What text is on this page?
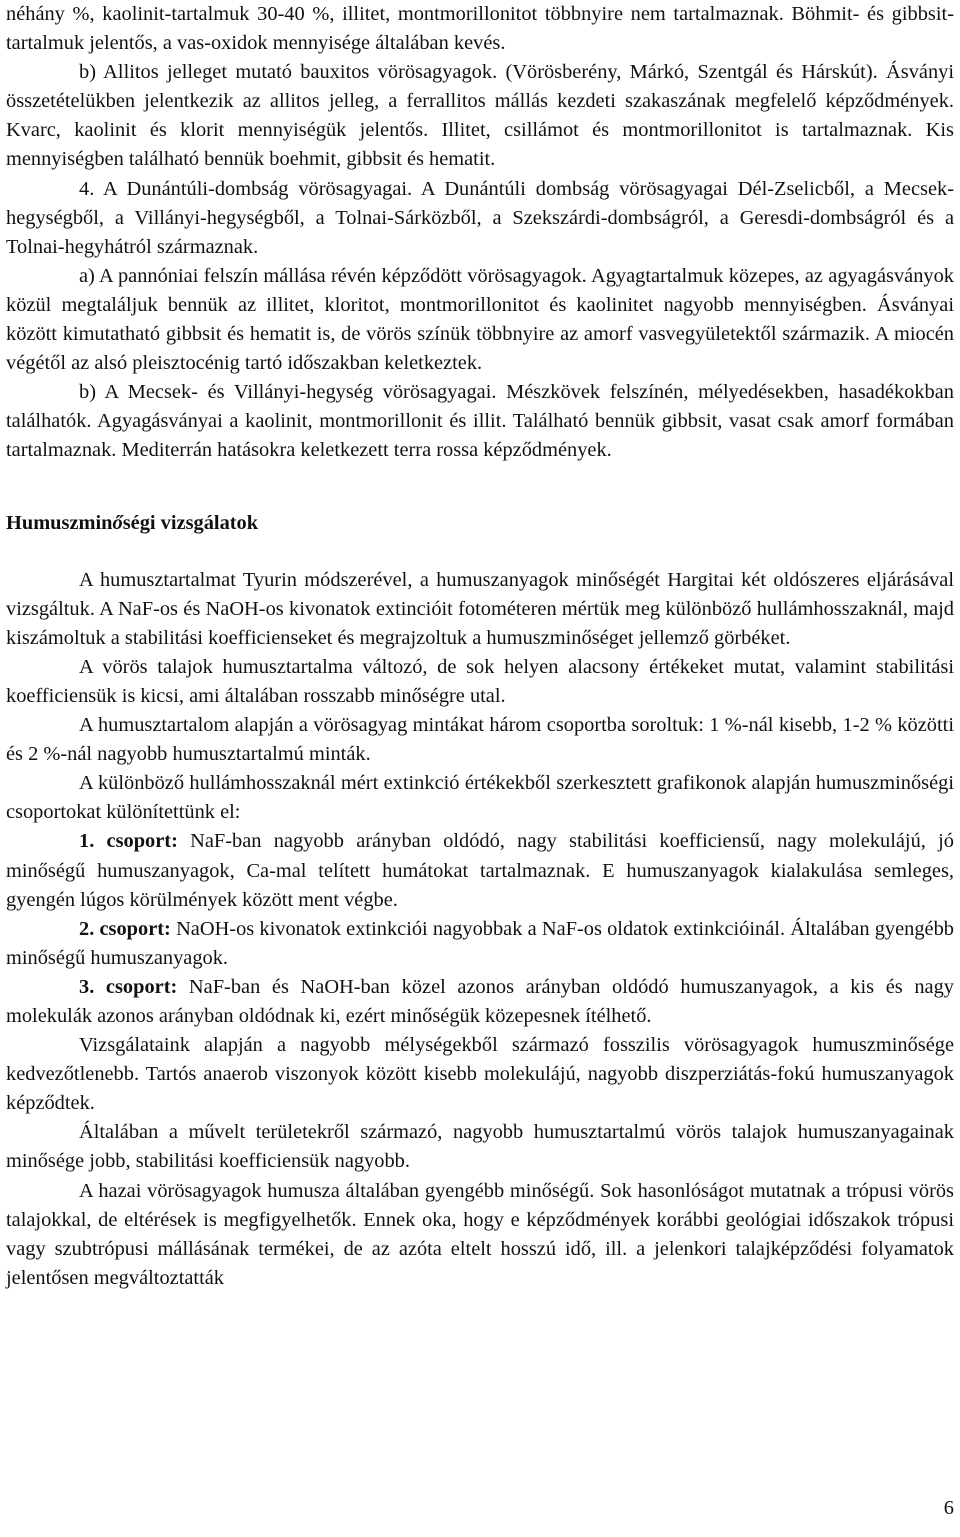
néhány %, kaolinit-tartalmuk 30-40 %, illitet, montmorillonitot többnyire nem tartalmaznak. Böhmit- és gibbsit-tartalmuk jelentős, a vas-oxidok mennyisége általában kevés.

b) Allitos jelleget mutató bauxitos vörösagyagok. (Vörösberény, Márkó, Szentgál és Hárskút). Ásványi összetételükben jelentkezik az allitos jelleg, a ferrallitos mállás kezdeti szakaszának megfelelő képződmények. Kvarc, kaolinit és klorit mennyiségük jelentős. Illitet, csillámot és montmorillonitot is tartalmaznak. Kis mennyiségben található bennük boehmit, gibbsit és hematit.

4. A Dunántúli-dombság vörösagyagai. A Dunántúli dombság vörösagyagai Dél-Zselicből, a Mecsek-hegységből, a Villányi-hegységből, a Tolnai-Sárközből, a Szekszárdi-dombságról, a Geresdi-dombságról és a Tolnai-hegyhátról származnak.

a) A pannóniai felszín mállása révén képződött vörösagyagok. Agyagtartalmuk közepes, az agyagásványok közül megtaláljuk bennük az illitet, kloritot, montmorillonitot és kaolinitet nagyobb mennyiségben. Ásványai között kimutatható gibbsit és hematit is, de vörös színük többnyire az amorf vasvegyületektől származik. A miocén végétől az alsó pleisztocénig tartó időszakban keletkeztek.

b) A Mecsek- és Villányi-hegység vörösagyagai. Mészkövek felszínén, mélyedésekben, hasadékokban találhatók. Agyagásványai a kaolinit, montmorillonit és illit. Található bennük gibbsit, vasat csak amorf formában tartalmaznak. Mediterrán hatásokra keletkezett terra rossa képződmények.

Humuszminőségi vizsgálatok

A humusztartalmat Tyurin módszerével, a humuszanyagok minőségét Hargitai két oldószeres eljárásával vizsgáltuk. A NaF-os és NaOH-os kivonatok extincióit fotométeren mértük meg különböző hullámhosszaknál, majd kiszámoltuk a stabilitási koefficienseket és megrajzoltuk a humuszminőséget jellemző görbéket.

A vörös talajok humusztartalma változó, de sok helyen alacsony értékeket mutat, valamint stabilitási koefficiensük is kicsi, ami általában rosszabb minőségre utal.

A humusztartalom alapján a vörösagyag mintákat három csoportba soroltuk: 1 %-nál kisebb, 1-2 % közötti és 2 %-nál nagyobb humusztartalmú minták.

A különböző hullámhosszaknál mért extinkció értékekből szerkesztett grafikonok alapján humuszminőségi csoportokat különítettünk el:

1. csoport: NaF-ban nagyobb arányban oldódó, nagy stabilitási koefficiensű, nagy molekulájú, jó minőségű humuszanyagok, Ca-mal telített humátokat tartalmaznak. E humuszanyagok kialakulása semleges, gyengén lúgos körülmények között ment végbe.

2. csoport: NaOH-os kivonatok extinkciói nagyobbak a NaF-os oldatok extinkcióinál. Általában gyengébb minőségű humuszanyagok.

3. csoport: NaF-ban és NaOH-ban közel azonos arányban oldódó humuszanyagok, a kis és nagy molekulák azonos arányban oldódnak ki, ezért minőségük közepesnek ítélhető.

Vizsgálataink alapján a nagyobb mélységekből származó fosszilis vörösagyagok humuszminősége kedvezőtlenebb. Tartós anaerob viszonyok között kisebb molekulájú, nagyobb diszperziátás-fokú humuszanyagok képződtek.

Általában a művelt területekről származó, nagyobb humusztartalmú vörös talajok humuszanyagainak minősége jobb, stabilitási koefficiensük nagyobb.

A hazai vörösagyagok humusza általában gyengébb minőségű. Sok hasonlóságot mutatnak a trópusi vörös talajokkal, de eltérések is megfigyelhetők. Ennek oka, hogy e képződmények korábbi geológiai időszakok trópusi vagy szubtrópusi mállásának termékei, de az azóta eltelt hosszú idő, ill. a jelenkori talajképződési folyamatok jelentősen megváltoztatták

6
